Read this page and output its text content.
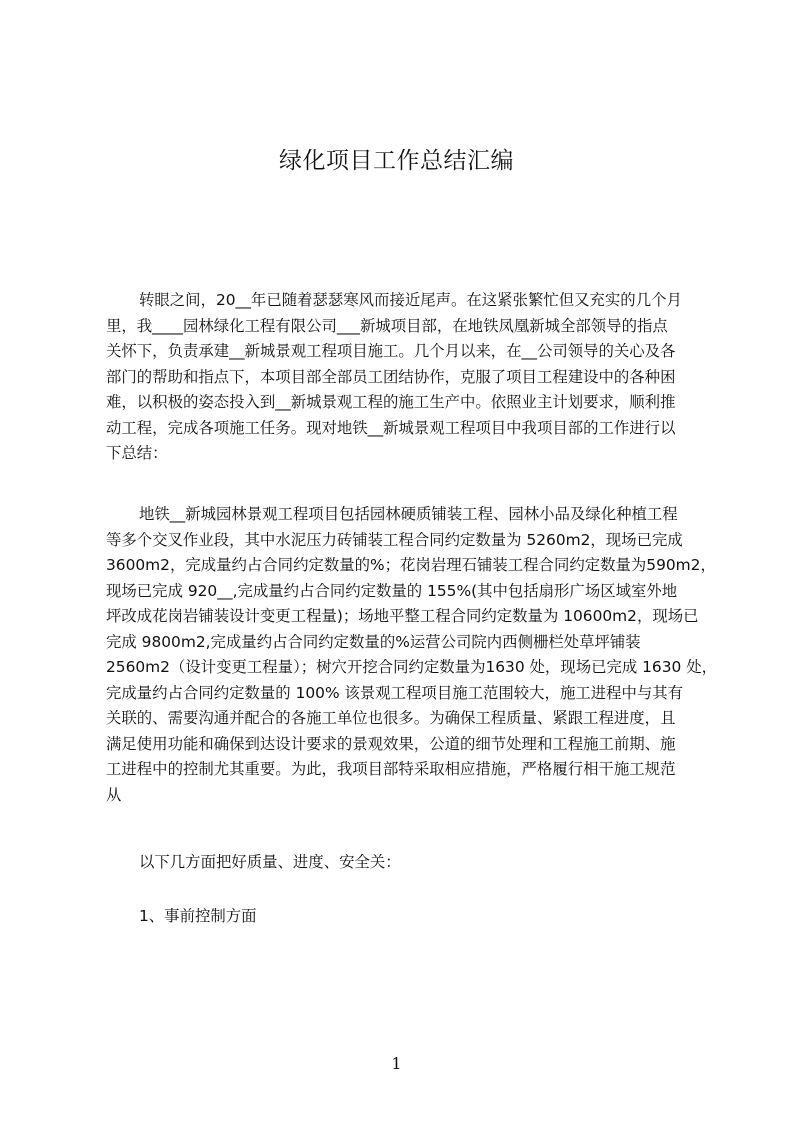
绿化项目工作总结汇编
转眼之间，20__年已随着瑟瑟寒风而接近尾声。在这紧张繁忙但又充实的几个月
里，我____园林绿化工程有限公司___新城项目部，在地铁凤凰新城全部领导的指点
关怀下，负责承建__新城景观工程项目施工。几个月以来，在__公司领导的关心及各
部门的帮助和指点下，本项目部全部员工团结协作，克服了项目工程建设中的各种困
难，以积极的姿态投入到__新城景观工程的施工生产中。依照业主计划要求，顺利推
动工程，完成各项施工任务。现对地铁__新城景观工程项目中我项目部的工作进行以
下总结：
地铁__新城园林景观工程项目包括园林硬质铺装工程、园林小品及绿化种植工程
等多个交叉作业段，其中水泥压力砖铺装工程合同约定数量为 5260m2，现场已完成
3600m2，完成量约占合同约定数量的%；花岗岩理石铺装工程合同约定数量为590m2，
现场已完成 920__,完成量约占合同约定数量的 155%(其中包括扇形广场区域室外地
坪改成花岗岩铺装设计变更工程量)；场地平整工程合同约定数量为 10600m2，现场已
完成 9800m2,完成量约占合同约定数量的%运营公司院内西侧栅栏处草坪铺装
2560m2（设计变更工程量）；树穴开挖合同约定数量为1630 处，现场已完成 1630 处，
完成量约占合同约定数量的 100% 该景观工程项目施工范围较大，施工进程中与其有
关联的、需要沟通并配合的各施工单位也很多。为确保工程质量、紧跟工程进度，且
满足使用功能和确保到达设计要求的景观效果，公道的细节处理和工程施工前期、施
工进程中的控制尤其重要。为此，我项目部特采取相应措施，严格履行相干施工规范
从
以下几方面把好质量、进度、安全关：
1、事前控制方面
1
